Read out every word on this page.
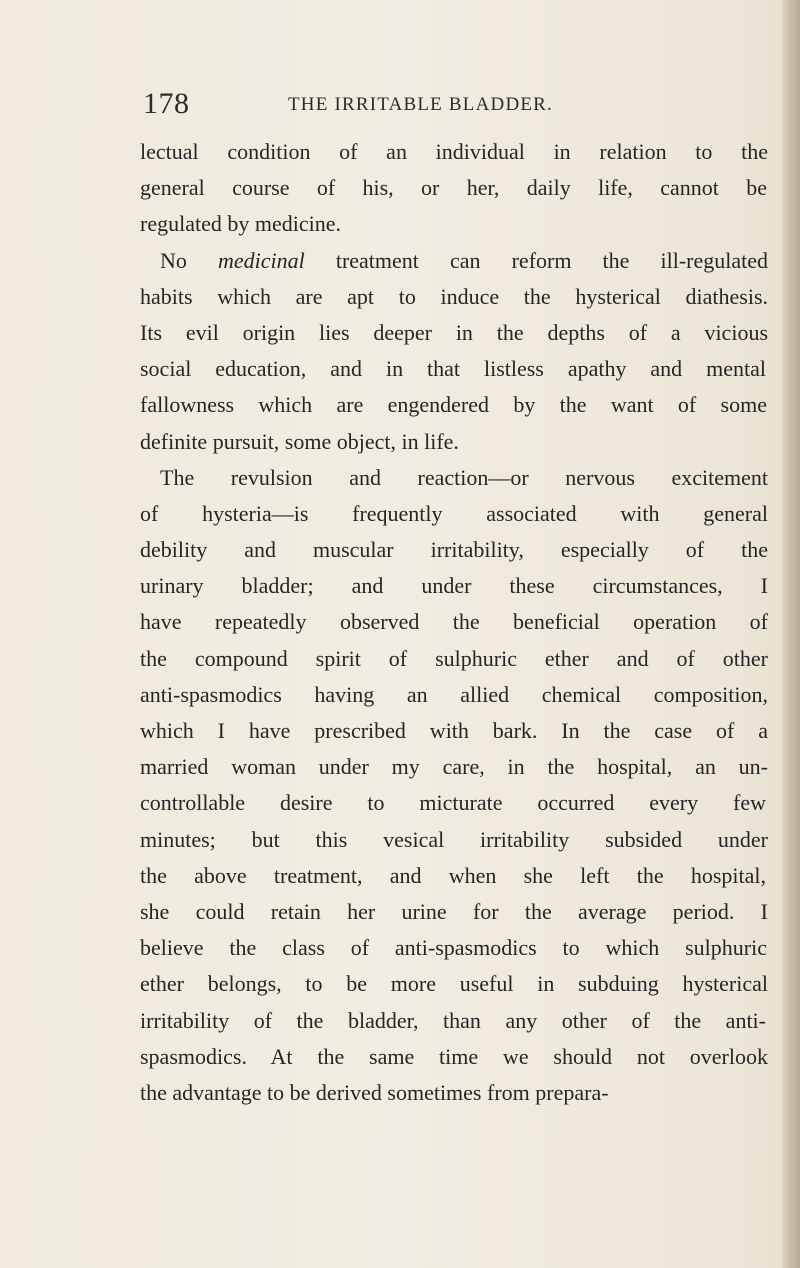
178	THE IRRITABLE BLADDER.
lectual condition of an individual in relation to the
general course of his, or her, daily life, cannot be
regulated by medicine.
No medicinal treatment can reform the ill-regulated
habits which are apt to induce the hysterical diathesis.
Its evil origin lies deeper in the depths of a vicious
social education, and in that listless apathy and mental
fallowness which are engendered by the want of some
definite pursuit, some object, in life.
The revulsion and reaction—or nervous excitement
of hysteria—is frequently associated with general
debility and muscular irritability, especially of the
urinary bladder; and under these circumstances, I
have repeatedly observed the beneficial operation of
the compound spirit of sulphuric ether and of other
anti-spasmodics having an allied chemical composition,
which I have prescribed with bark. In the case of a
married woman under my care, in the hospital, an un-
controllable desire to micturate occurred every few
minutes; but this vesical irritability subsided under
the above treatment, and when she left the hospital,
she could retain her urine for the average period. I
believe the class of anti-spasmodics to which sulphuric
ether belongs, to be more useful in subduing hysterical
irritability of the bladder, than any other of the anti-
spasmodics. At the same time we should not overlook
the advantage to be derived sometimes from prepara-
